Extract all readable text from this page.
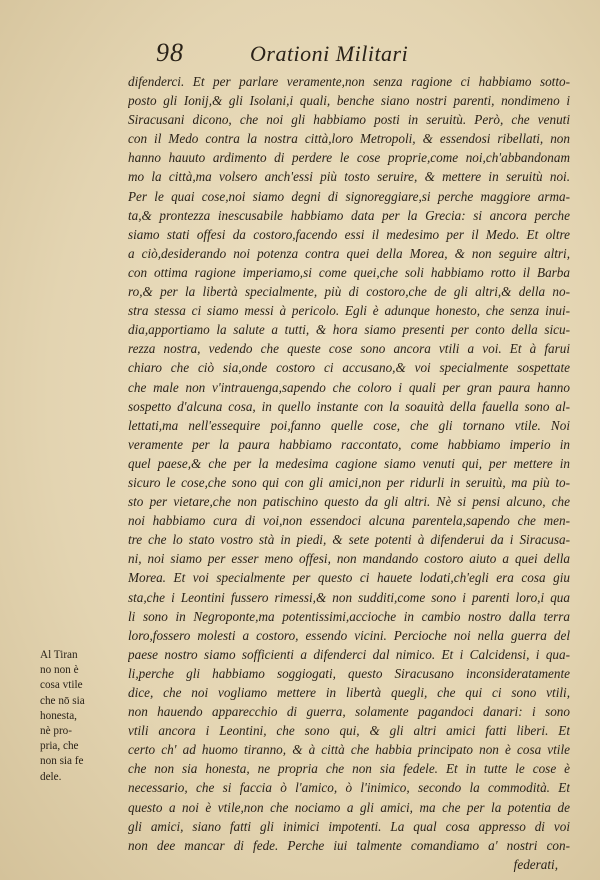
98	Orationi Militari
difenderci. Et per parlare veramente,non senza ragione ci habbiamo sotto-
posto gli Ionij,& gli Isolani,i quali, benche siano nostri parenti, nondimeno i
Siracusani dicono, che noi gli habbiamo posti in seruitù. Però, che venuti
con il Medo contra la nostra città,loro Metropoli, & essendosi ribellati, non
hanno hauuto ardimento di perdere le cose proprie,come noi,ch'abbandonam
mo la città,ma volsero anch'essi più tosto seruire, & mettere in seruitù noi.
Per le quai cose,noi siamo degni di signoreggiare,si perche maggiore arma-
ta,& prontezza inescusabile habbiamo data per la Grecia: si ancora perche
siamo stati offesi da costoro,facendo essi il medesimo per il Medo. Et oltre
a ciò,desiderando noi potenza contra quei della Morea, & non seguire altri,
con ottima ragione imperiamo,si come quei,che soli habbiamo rotto il Barba
ro,& per la libertà specialmente, più di costoro,che de gli altri,& della no-
stra stessa ci siamo messi à pericolo. Egli è adunque honesto, che senza inui-
dia,apportiamo la salute a tutti, & hora siamo presenti per conto della sicu-
rezza nostra, vedendo che queste cose sono ancora vtili a voi. Et à farui
chiaro che ciò sia,onde costoro ci accusano,& voi specialmente sospettate
che male non v'intrauenga,sapendo che coloro i quali per gran paura hanno
sospetto d'alcuna cosa, in quello instante con la soauità della fauella sono al-
lettati,ma nell'essequire poi,fanno quelle cose, che gli tornano vtile. Noi
veramente per la paura habbiamo raccontato, come habbiamo imperio in
quel paese,& che per la medesima cagione siamo venuti qui, per mettere in
sicuro le cose,che sono qui con gli amici,non per ridurli in seruitù, ma più to-
sto per vietare,che non patischino questo da gli altri. Nè si pensi alcuno, che
noi habbiamo cura di voi,non essendoci alcuna parentela,sapendo che men-
tre che lo stato vostro stà in piedi, & sete potenti à difenderui da i Siracusa-
ni, noi siamo per esser meno offesi, non mandando costoro aiuto a quei della
Morea. Et voi specialmente per questo ci hauete lodati,ch'egli era cosa giu
sta,che i Leontini fussero rimessi,& non sudditi,come sono i parenti loro,i qua
li sono in Negroponte,ma potentissimi,accioche in cambio nostro dalla terra
loro,fossero molesti a costoro, essendo vicini. Percioche noi nella guerra del
paese nostro siamo sofficienti a difenderci dal nimico. Et i Calcidensi, i qua-
li,perche gli habbiamo soggiogati, questo Siracusano inconsideratamente
dice, che noi vogliamo mettere in libertà quegli, che qui ci sono vtili,
non hauendo apparecchio di guerra, solamente pagandoci danari: i sono
vtili ancora i Leontini, che sono qui, & gli altri amici fatti liberi. Et
certo ch' ad huomo tiranno, & à città che habbia principato non è cosa vtile
che non sia honesta, ne propria che non sia fedele. Et in tutte le cose è
necessario, che si faccia ò l'amico, ò l'inimico, secondo la commodità. Et
questo a noi è vtile,non che nociamo a gli amici, ma che per la potentia de
gli amici, siano fatti gli inimici impotenti. La qual cosa appresso di voi
non dee mancar di fede. Perche iui talmente comandiamo a' nostri con-
federati,
Al Tiran
no non è
cosa vtile
che nō sia
honesta,
nè pro-
pria, che
non sia fe
dele.
